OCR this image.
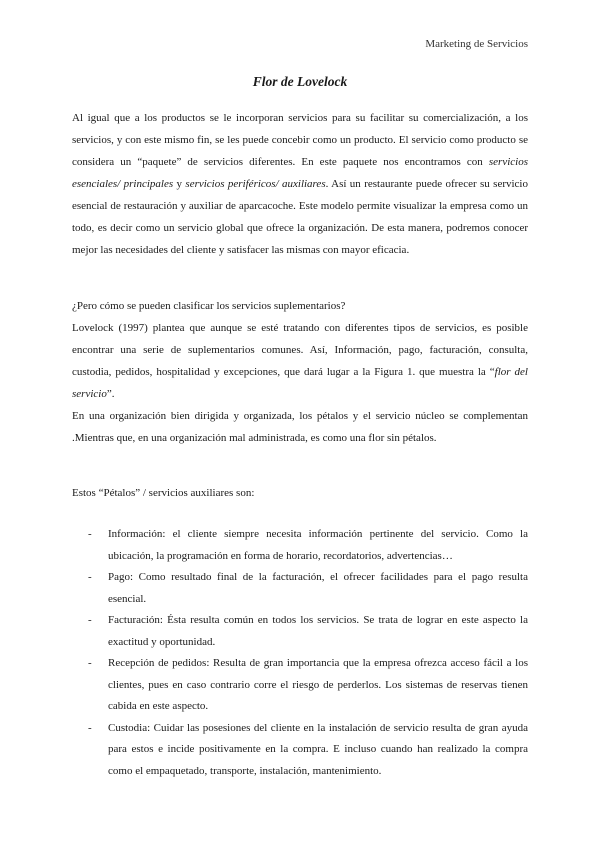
Marketing de Servicios
Flor de Lovelock

Al igual que a los productos se le incorporan servicios para su facilitar su comercialización, a los servicios, y con este mismo fin, se les puede concebir como un producto. El servicio como producto se considera un “paquete” de servicios diferentes. En este paquete nos encontramos con servicios esenciales/ principales y servicios periféricos/ auxiliares. Así un restaurante puede ofrecer su servicio esencial de restauración y auxiliar de aparcacoche. Este modelo permite visualizar la empresa como un todo, es decir como un servicio global que ofrece la organización. De esta manera, podremos conocer mejor las necesidades del cliente y satisfacer las mismas con mayor eficacia.

¿Pero cómo se pueden clasificar los servicios suplementarios?

Lovelock (1997) plantea que aunque se esté tratando con diferentes tipos de servicios, es posible encontrar una serie de suplementarios comunes. Así, Información, pago, facturación, consulta, custodia, pedidos, hospitalidad y excepciones, que dará lugar a la Figura 1. que muestra la “flor del servicio”.

En una organización bien dirigida y organizada, los pétalos y el servicio núcleo se complementan .Mientras que, en una organización mal administrada, es como una flor sin pétalos.

Estos “Pétalos” / servicios auxiliares son:

- Información: el cliente siempre necesita información pertinente del servicio. Como la ubicación, la programación en forma de horario, recordatorios, advertencias…
- Pago: Como resultado final de la facturación, el ofrecer facilidades para el pago resulta esencial.
- Facturación: Ésta resulta común en todos los servicios. Se trata de lograr en este aspecto la exactitud y oportunidad.
- Recepción de pedidos: Resulta de gran importancia que la empresa ofrezca acceso fácil a los clientes, pues en caso contrario corre el riesgo de perderlos. Los sistemas de reservas tienen cabida en este aspecto.
- Custodia: Cuidar las posesiones del cliente en la instalación de servicio resulta de gran ayuda para estos e incide positivamente en la compra. E incluso cuando han realizado la compra como el empaquetado, transporte, instalación, mantenimiento.
